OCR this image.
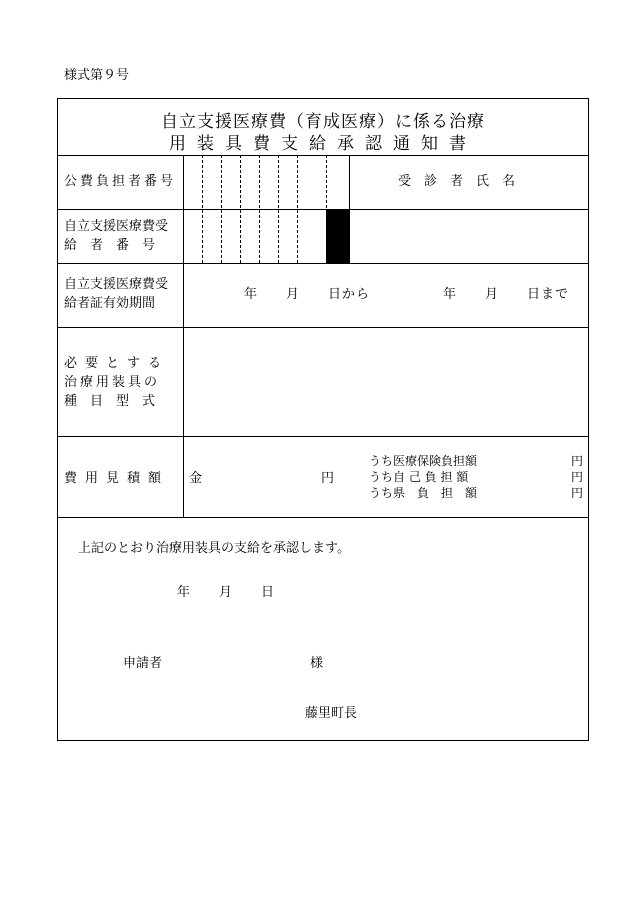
様式第９号
自立支援医療費（育成医療）に係る治療
用装具費支給承認通知書
公費負担者番号	受　診　者　氏　名
自立支援医療費受
給　者　番　号
自立支援医療費受
給者証有効期間
年　　月　　日から	年　　月　　日まで
必要とする
治療用装具の
種　目　型　式
費用見積額 金	円
うち医療保険負担額	円
うち自 己 負 担 額	円
うち県　負　担　額	円
上記のとおり治療用装具の支給を承認します。
年　　月　　日
申請者	様
藤里町長
